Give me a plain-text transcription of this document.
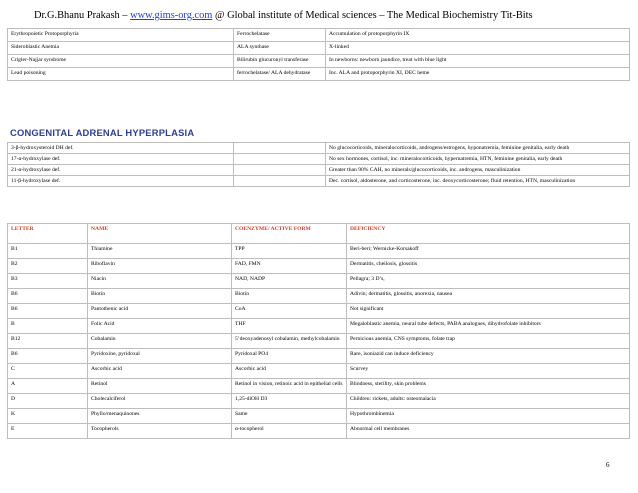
Dr.G.Bhanu Prakash – www.gims-org.com @ Global institute of Medical sciences – The Medical Biochemistry Tit-Bits
Erythropoietic Protoporphyria	Ferrochelatase	Accumulation of protoporphyrin IX
Sideroblastic Anemia	ALA synthase	X-linked
Crigler-Najjar syndrome	Bilirubin glucuronyl transferase	In newborns: newborn jaundice, treat with blue light
Lead poisoning	ferrochelatase/ ALA dehydratase	Inc. ALA and protoporphyrin XI, DEC heme
CONGENITAL ADRENAL HYPERPLASIA
3-β-hydroxysteroid DH def.		No glucocorticoids, mineralocorticoids, androgens/estrogens, hyponatremia, feminine genitalia, early death
17-α-hydroxylase def.		No sex hormones, cortisol, inc. mineralocorticoids, hypernatremia, HTN, feminine genitalia, early death
21-α-hydroxylase def.		Greater than 90% CAH, no minerals/glucocorticoids, inc. androgens, masculinization
11-β-hydroxylase def.		Dec. cortisol, aldosterone, and corticosterone, inc. deoxycorticosterone; fluid retention, HTN, masculinization
LETTER	NAME	COENZYME/ ACTIVE FORM	DEFICIENCY
B1	Thiamine	TPP	Beri-beri; Wernicke-Korsakoff
B2	Riboflavin	FAD, FMN	Dermatitis, cheilosis, glossitis
B3	Niacin	NAD, NADP	Pellagra; 3 D’s,
B6	Biotin	Biotin	Adivin; dermatitis, glossitis, anorexia, nausea
B6	Pantothenic acid	CoA	Not significant
B	Folic Acid	THF	Megaloblastic anemia, neural tube defects, PABA analogues, dihydrofolate inhibitors
B12	Cobalamin	5’deoxyadenosyl cobalamin, methylcobalamin	Pernicious anemia, CNS symptoms, folate trap
B6	Pyridoxine, pyridoxal	Pyridoxal PO4	Rare, isoniazid can induce deficiency
C	Ascorbic acid	Ascorbic acid	Scurvey
A	Retinol	Retinol in vision, retinoic acid in epithelial cells	Blindness, sterility, skin problems
D	Cholecalciferol	1,25-diOH D3	Children: rickets, adults: osteomalacia
K	Phyllo/menaquinones	Same	Hypothrombinemia
E	Tocopherols	α-tocopherol	Abnormal cell membranes
6
